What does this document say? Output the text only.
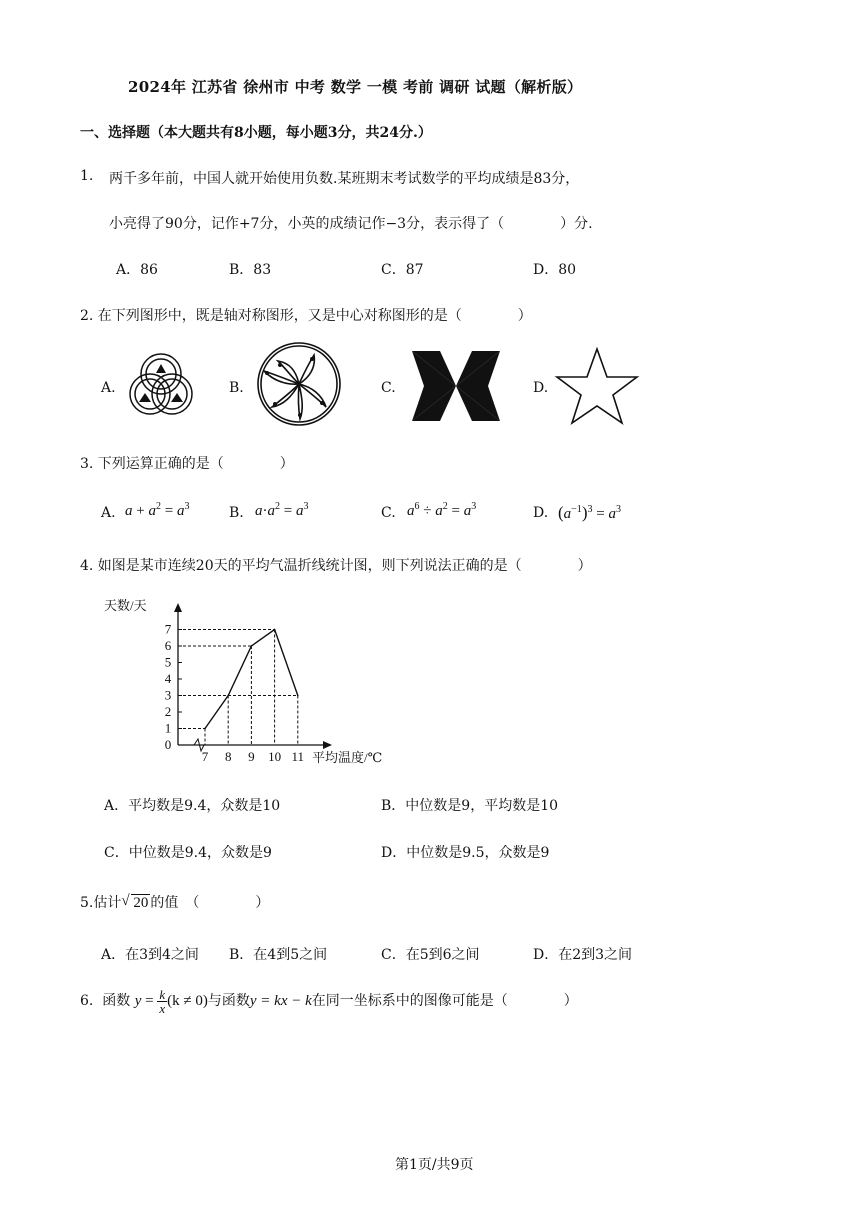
2024年 江苏省 徐州市 中考 数学 一模 考前 调研 试题（解析版）
一、选择题（本大题共有8小题，每小题3分，共24分.）
1. 两千多年前，中国人就开始使用负数.某班期末考试数学的平均成绩是83分，
小亮得了90分，记作+7分，小英的成绩记作−3分，表示得了（　　　　）分.
A．86	B．83	C．87	D．80
2. 在下列图形中，既是轴对称图形，又是中心对称图形的是（　　　　）
A.	B.	C.	D.
3. 下列运算正确的是（　　　　）
A. $a + a^2 = a^3$	B. $a\cdot a^2 = a^3$	C. $a^6 \div a^2 = a^3$	D. $(a^{-1})^3 = a^3$
4. 如图是某市连续20天的平均气温折线统计图，则下列说法正确的是（　　　　）
0
1
2
3
4
5
6
7
7 8 9 10 11
天数/天
平均温度/℃
A．平均数是9.4，众数是10	B．中位数是9，平均数是10
C．中位数是9.4，众数是9	D．中位数是9.5，众数是9
5.估计 √ 20 的值　（　　　　）
A．在3到4之间 B．在4到5之间	C．在5到6之间	D．在2到3之间
6. 函数 $y = \frac{k}{x} (k \ne 0)$与函数y = kx − k在同一坐标系中的图像可能是（　　　　）
第1页/共9页
